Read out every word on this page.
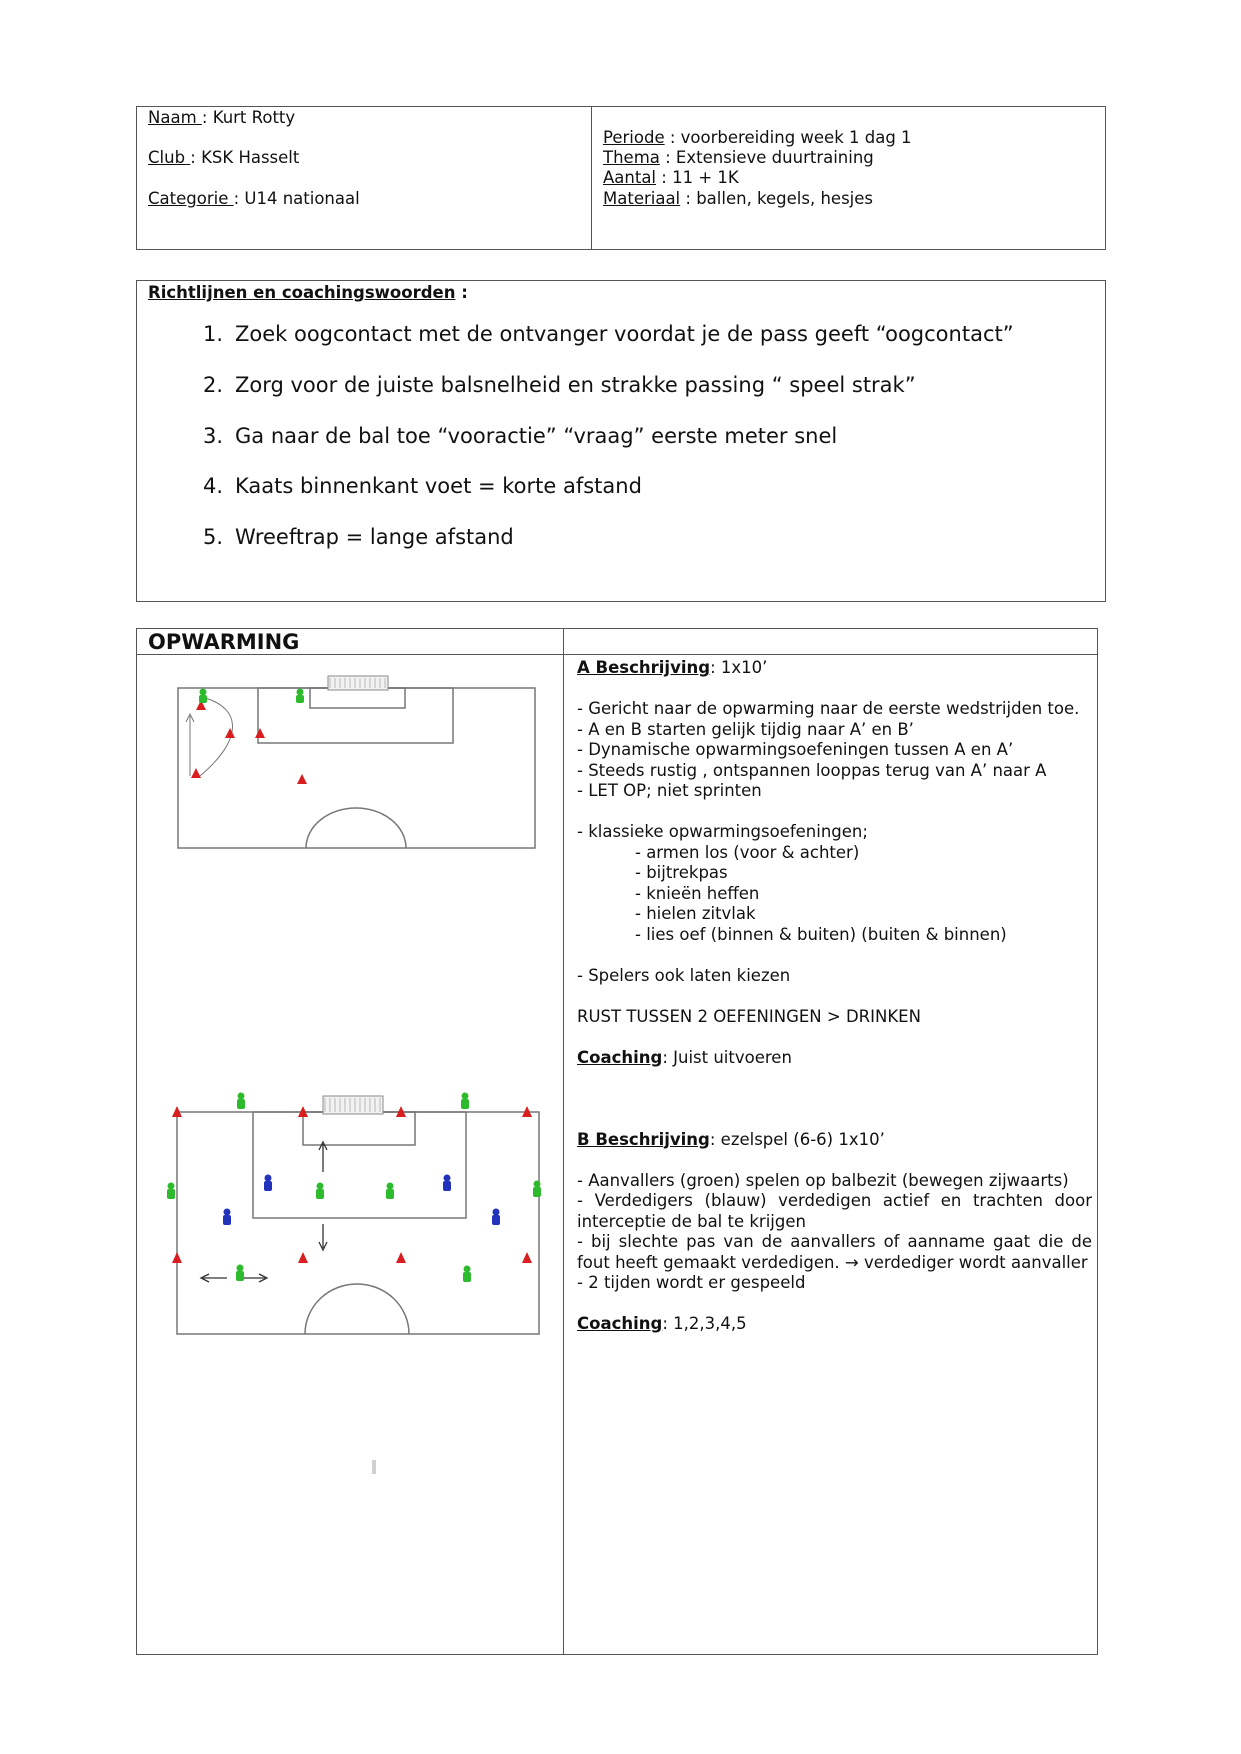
Naam : Kurt Rotty
Club : KSK Hasselt
Categorie : U14 nationaal
Periode : voorbereiding week 1 dag 1
Thema : Extensieve duurtraining
Aantal : 11 + 1K
Materiaal : ballen, kegels, hesjes
Richtlijnen en coachingswoorden :
1. Zoek oogcontact met de ontvanger voordat je de pass geeft “oogcontact”
2. Zorg voor de juiste balsnelheid en strakke passing “ speel strak”
3. Ga naar de bal toe “vooractie” “vraag” eerste meter snel
4. Kaats binnenkant voet = korte afstand
5. Wreeftrap = lange afstand
OPWARMING

A Beschrijving: 1x10’

- Gericht naar de opwarming naar de eerste wedstrijden toe.

- A en B starten gelijk tijdig naar A’ en B’

- Dynamische opwarmingsoefeningen tussen A en A’

- Steeds rustig , ontspannen looppas terug van A’ naar A

- LET OP; niet sprinten

- klassieke opwarmingsoefeningen;

- armen los (voor & achter)

- bijtrekpas

- knieën heffen

- hielen zitvlak

- lies oef (binnen & buiten) (buiten & binnen)

- Spelers ook laten kiezen

RUST TUSSEN 2 OEFENINGEN > DRINKEN

Coaching: Juist uitvoeren

B Beschrijving: ezelspel (6-6) 1x10’

- Aanvallers (groen) spelen op balbezit (bewegen zijwaarts)

- Verdedigers (blauw) verdedigen actief en trachten door interceptie de bal te krijgen

- bij slechte pas van de aanvallers of aanname gaat die de fout heeft gemaakt verdedigen. → verdediger wordt aanvaller

- 2 tijden wordt er gespeeld

Coaching: 1,2,3,4,5
